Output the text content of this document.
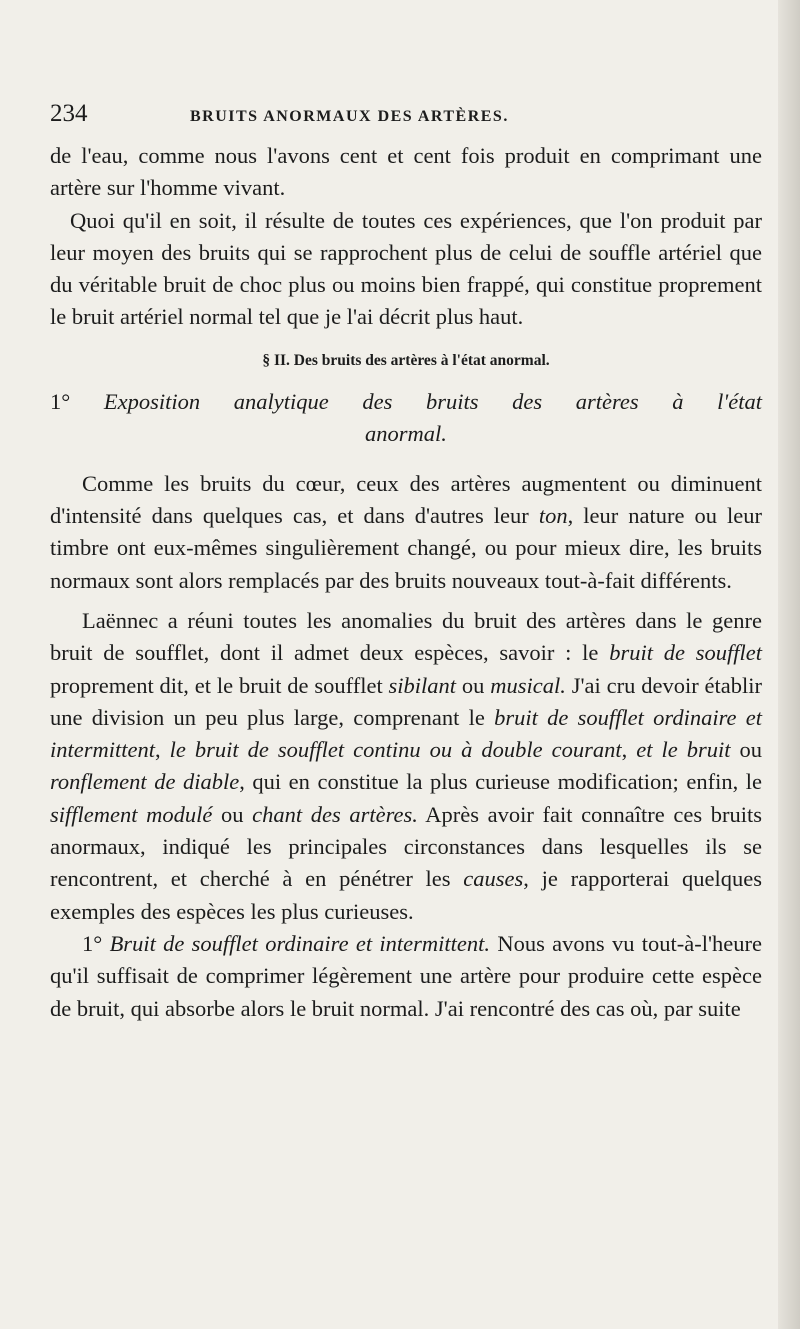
234	BRUITS ANORMAUX DES ARTÈRES.

de l'eau, comme nous l'avons cent et cent fois produit en comprimant une artère sur l'homme vivant.

Quoi qu'il en soit, il résulte de toutes ces expériences, que l'on produit par leur moyen des bruits qui se rapprochent plus de celui de souffle artériel que du véritable bruit de choc plus ou moins bien frappé, qui constitue proprement le bruit artériel normal tel que je l'ai décrit plus haut.

§ II. Des bruits des artères à l'état anormal.
1° Exposition analytique des bruits des artères à l'état
anormal.

Comme les bruits du cœur, ceux des artères augmentent ou diminuent d'intensité dans quelques cas, et dans d'autres leur ton, leur nature ou leur timbre ont eux-mêmes singulièrement changé, ou pour mieux dire, les bruits normaux sont alors remplacés par des bruits nouveaux tout-à-fait différents.

Laënnec a réuni toutes les anomalies du bruit des artères dans le genre bruit de soufflet, dont il admet deux espèces, savoir : le bruit de soufflet proprement dit, et le bruit de soufflet sibilant ou musical. J'ai cru devoir établir une division un peu plus large, comprenant le bruit de soufflet ordinaire et intermittent, le bruit de soufflet continu ou à double courant, et le bruit ou ronflement de diable, qui en constitue la plus curieuse modification; enfin, le sifflement modulé ou chant des artères. Après avoir fait connaître ces bruits anormaux, indiqué les principales circonstances dans lesquelles ils se rencontrent, et cherché à en pénétrer les causes, je rapporterai quelques exemples des espèces les plus curieuses.

1° Bruit de soufflet ordinaire et intermittent. Nous avons vu tout-à-l'heure qu'il suffisait de comprimer légèrement une artère pour produire cette espèce de bruit, qui absorbe alors le bruit normal. J'ai rencontré des cas où, par suite
